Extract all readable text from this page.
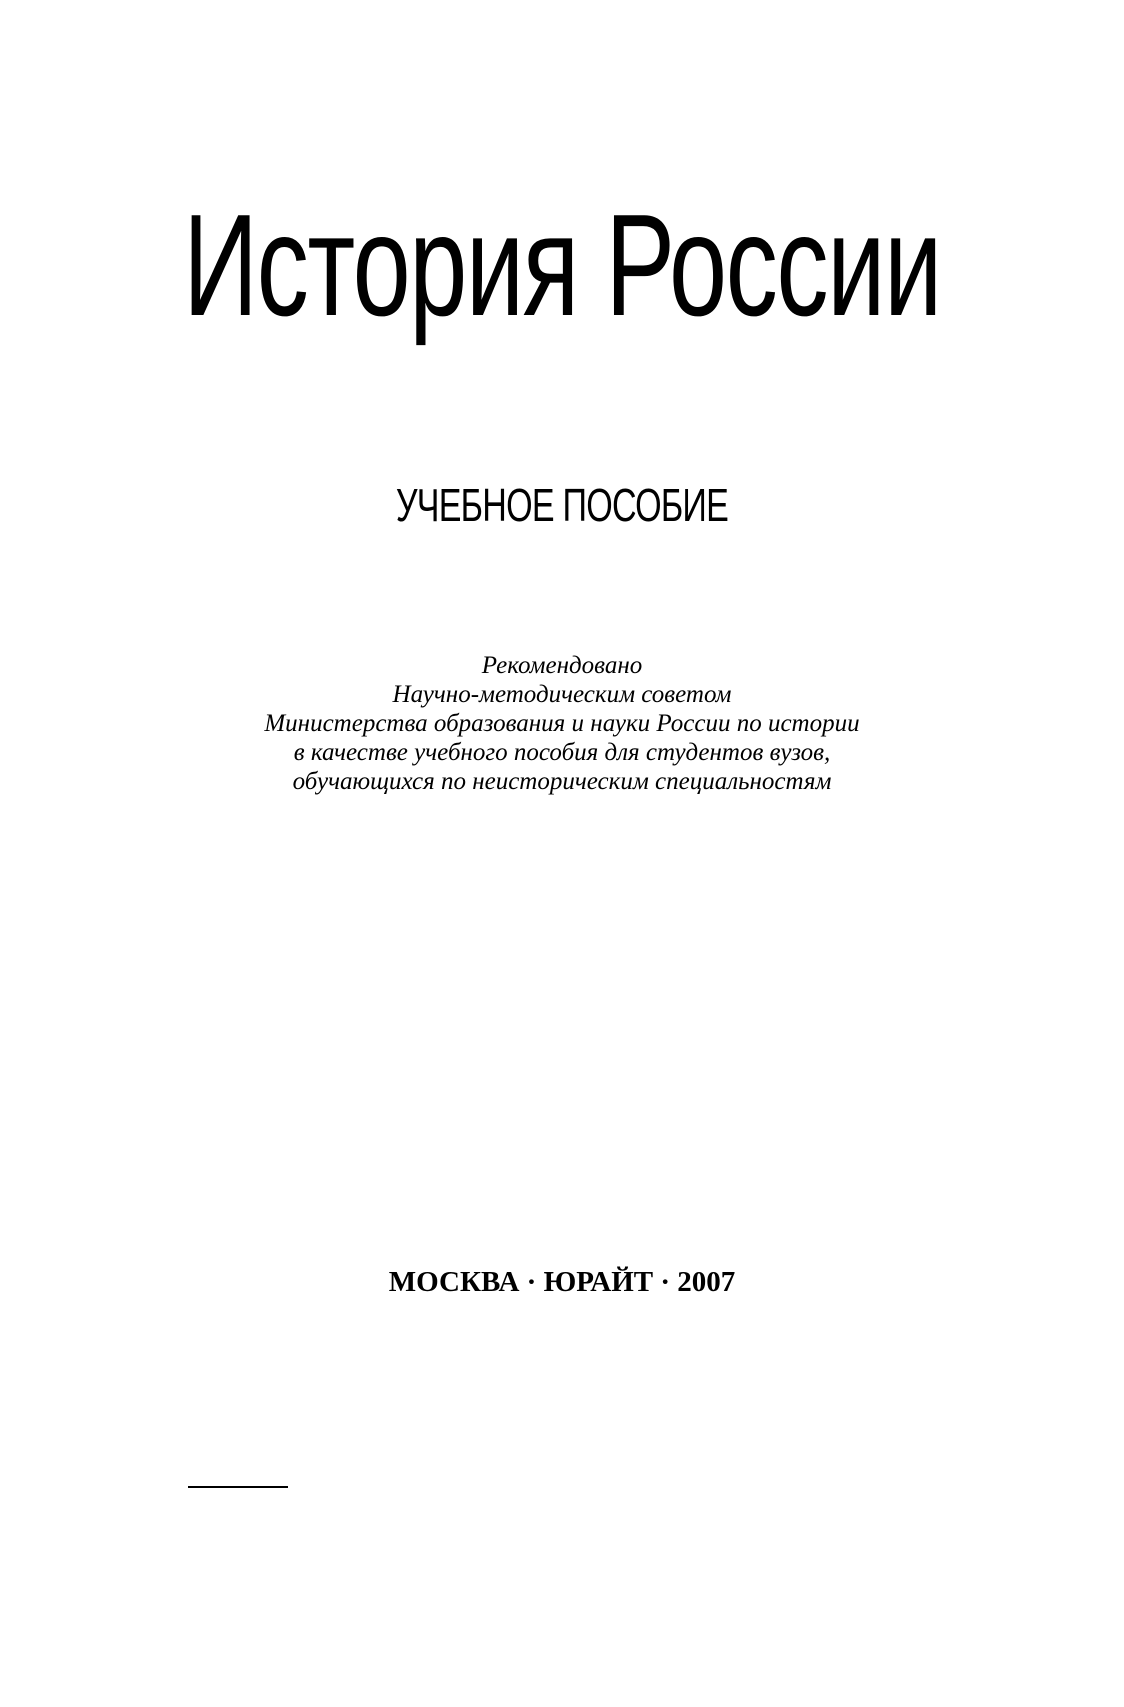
История России
УЧЕБНОЕ ПОСОБИЕ
Рекомендовано
Научно-методическим советом
Министерства образования и науки России по истории
в качестве учебного пособия для студентов вузов,
обучающихся по неисторическим специальностям
МОСКВА · ЮРАЙТ · 2007
